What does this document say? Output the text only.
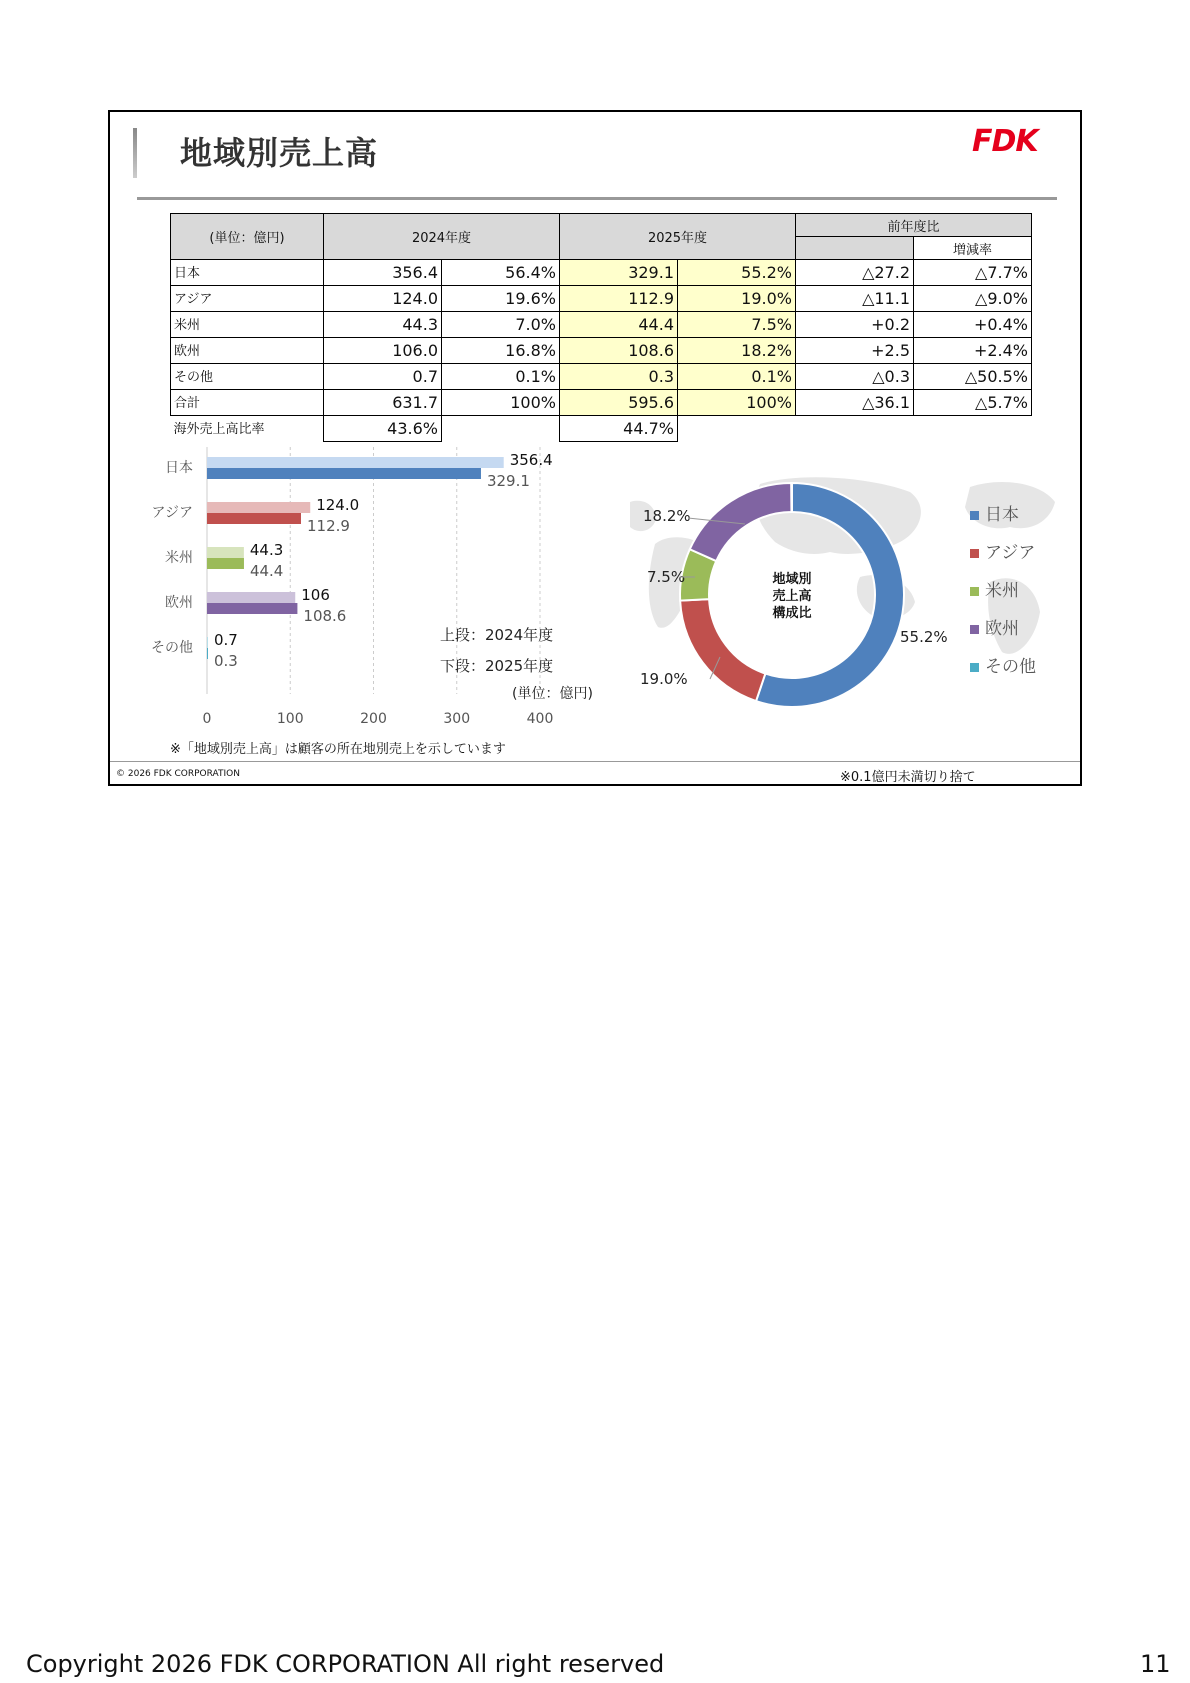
地域別売上高	FDK
(単位：億円)	2024年度		2025年度		前年度比	
						増減率
日本	356.4	56.4%	329.1	55.2%	△27.2	△7.7%
アジア	124.0	19.6%	112.9	19.0%	△11.1	△9.0%
米州	44.3	7.0%	44.4	7.5%	+0.2	+0.4%
欧州	106.0	16.8%	108.6	18.2%	+2.5	+2.4%
その他	0.7	0.1%	0.3	0.1%	△0.3	△50.5%
合計	631.7	100%	595.6	100%	△36.1	△5.7%
海外売上高比率	43.6%		44.7%			
0	100	200	300	400
日本	356.4
329.1
アジア	124.0
112.9
米州	44.3
44.4
欧州	106
108.6
その他 0.7
0.3
上段：2024年度
下段：2025年度
(単位：億円)
55.2%
19.0%
7.5%
18.2%
地域別
売上高
構成比
日本
アジア
米州
欧州
その他
※「地域別売上高」は顧客の所在地別売上を示しています
© 2026 FDK CORPORATION	※0.1億円未満切り捨て
Copyright 2026 FDK CORPORATION All right reserved	11
